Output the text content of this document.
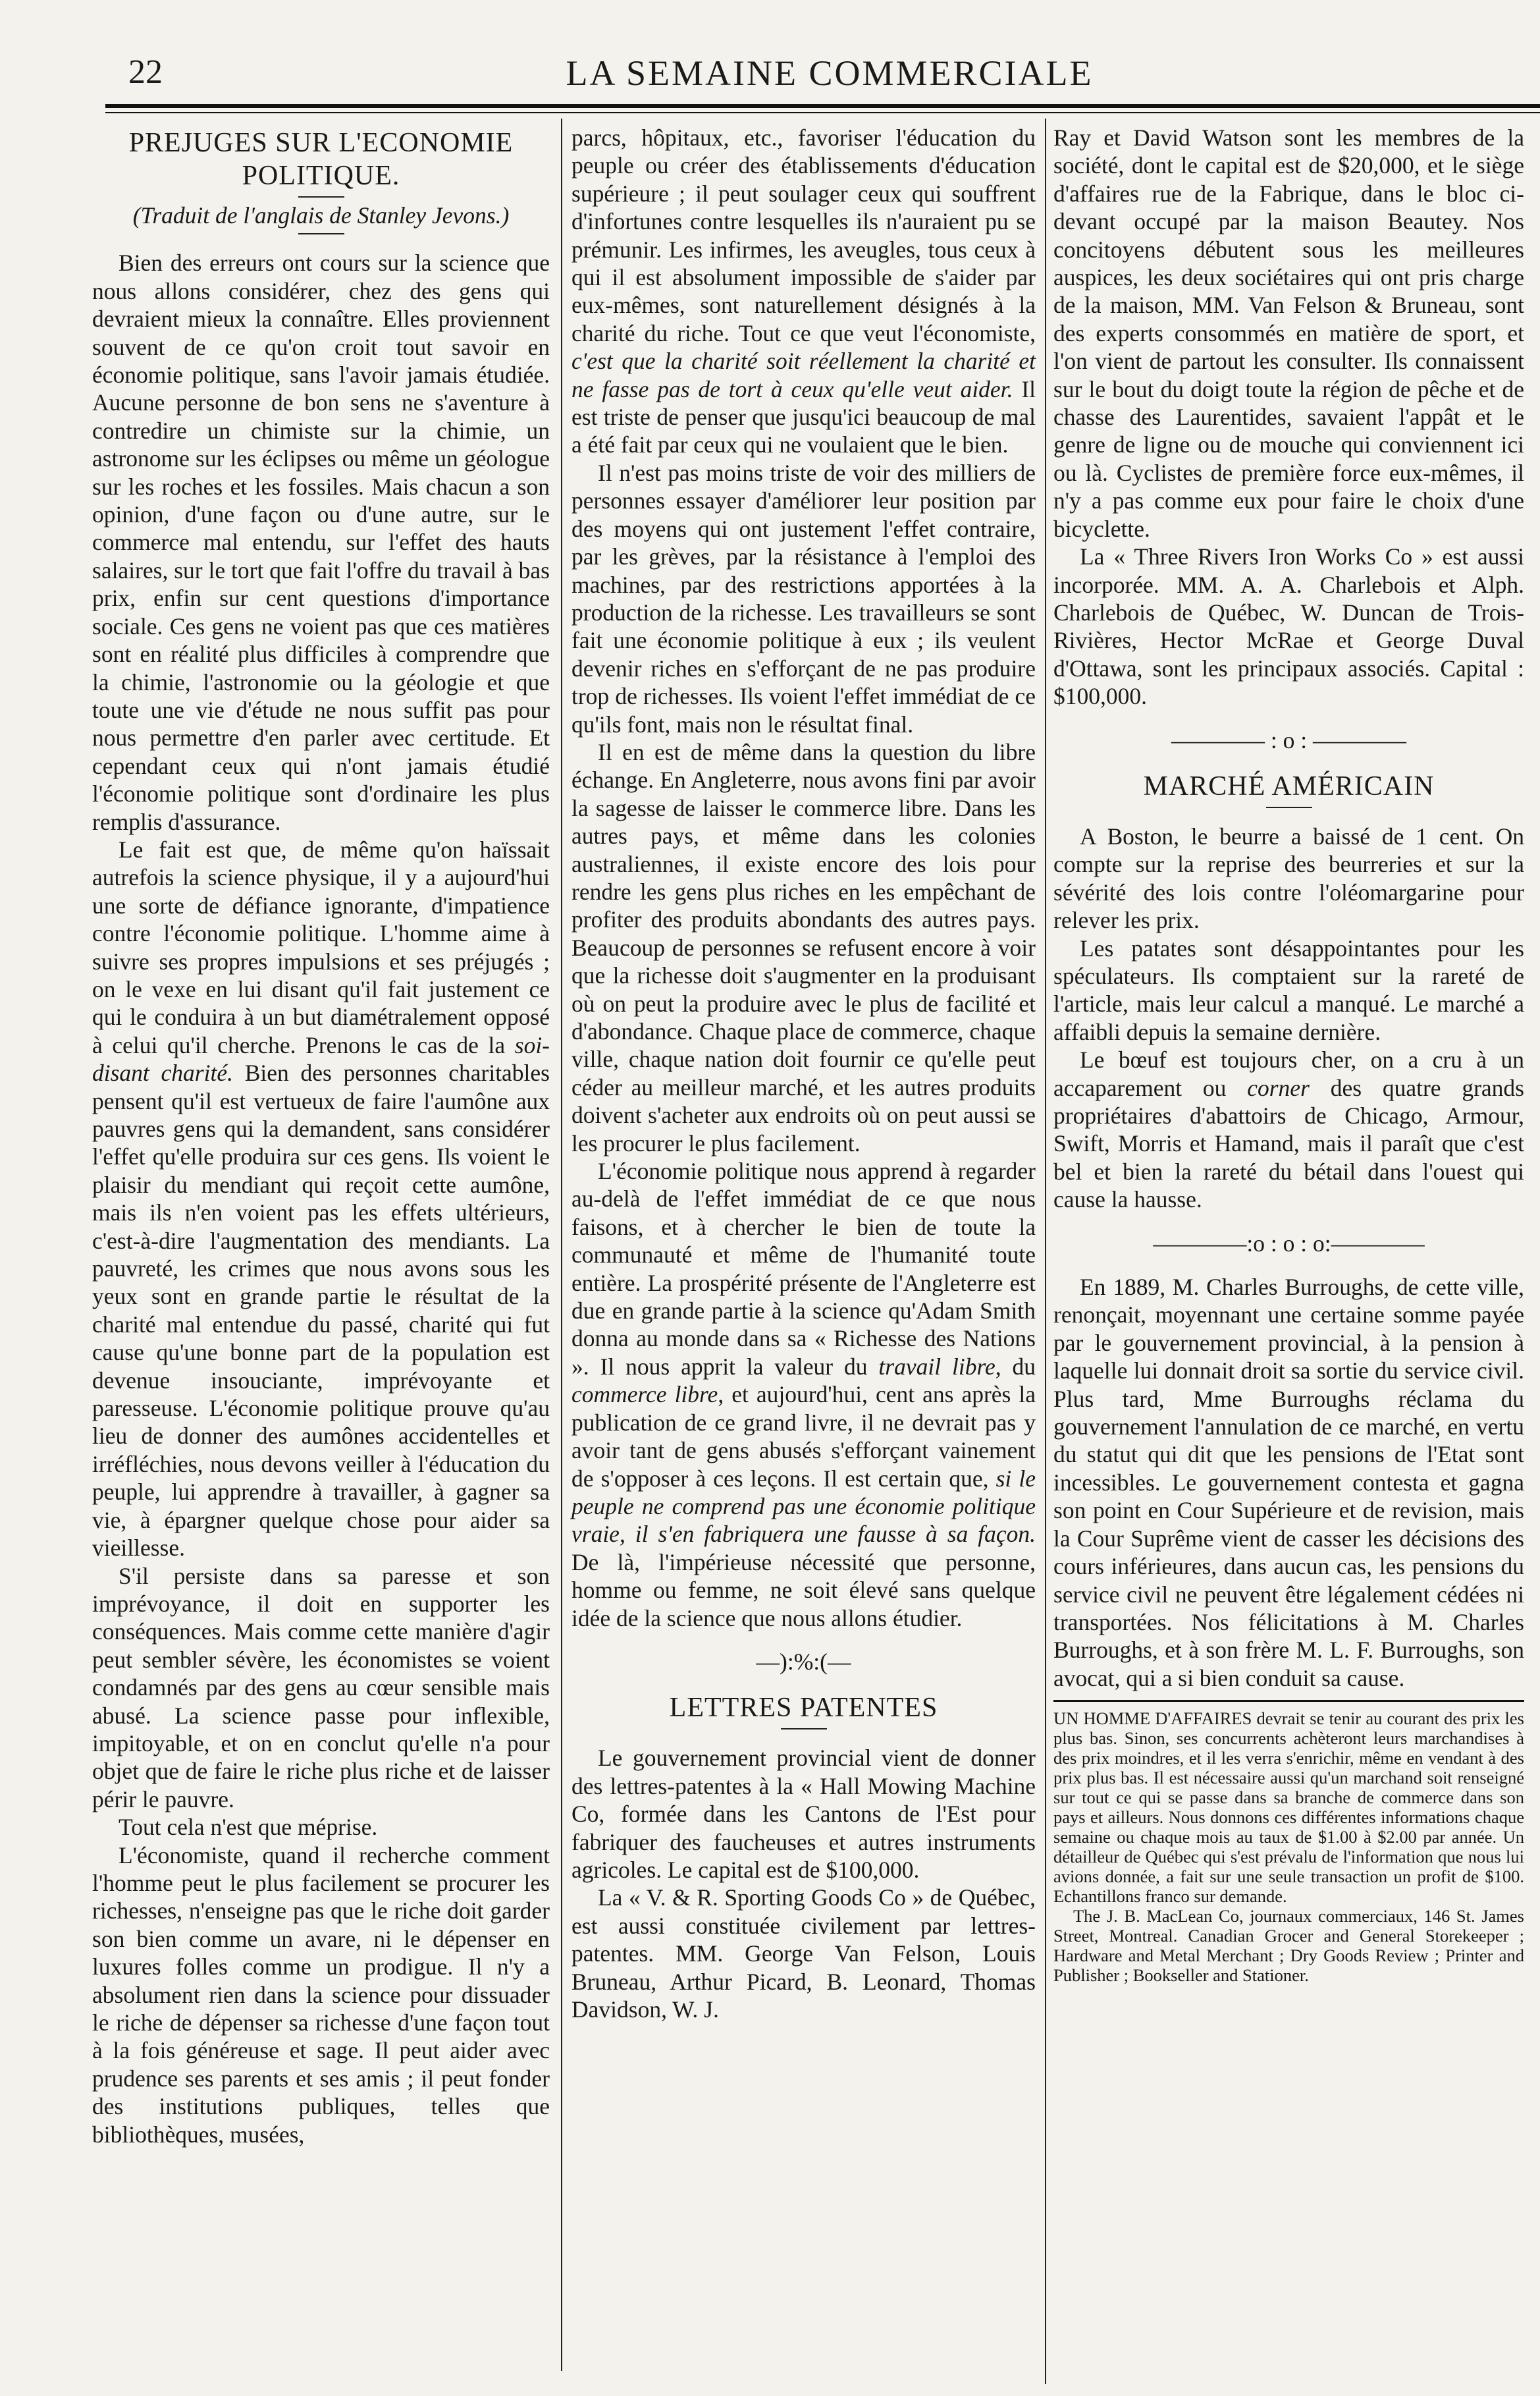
22	LA SEMAINE COMMERCIALE
PREJUGES SUR L'ECONOMIE POLITIQUE.
(Traduit de l'anglais de Stanley Jevons.)

Bien des erreurs ont cours sur la science que nous allons considérer, chez des gens qui devraient mieux la connaître. Elles proviennent souvent de ce qu'on croit tout savoir en économie politique, sans l'avoir jamais étudiée. Aucune personne de bon sens ne s'aventure à contredire un chimiste sur la chimie, un astronome sur les éclipses ou même un géologue sur les roches et les fossiles. Mais chacun a son opinion, d'une façon ou d'une autre, sur le commerce mal entendu, sur l'effet des hauts salaires, sur le tort que fait l'offre du travail à bas prix, enfin sur cent questions d'importance sociale. Ces gens ne voient pas que ces matières sont en réalité plus difficiles à comprendre que la chimie, l'astronomie ou la géologie et que toute une vie d'étude ne nous suffit pas pour nous permettre d'en parler avec certitude. Et cependant ceux qui n'ont jamais étudié l'économie politique sont d'ordinaire les plus remplis d'assurance.

Le fait est que, de même qu'on haïssait autrefois la science physique, il y a aujourd'hui une sorte de défiance ignorante, d'impatience contre l'économie politique. L'homme aime à suivre ses propres impulsions et ses préjugés ; on le vexe en lui disant qu'il fait justement ce qui le conduira à un but diamétralement opposé à celui qu'il cherche. Prenons le cas de la soi-disant charité. Bien des personnes charitables pensent qu'il est vertueux de faire l'aumône aux pauvres gens qui la demandent, sans considérer l'effet qu'elle produira sur ces gens. Ils voient le plaisir du mendiant qui reçoit cette aumône, mais ils n'en voient pas les effets ultérieurs, c'est-à-dire l'augmentation des mendiants. La pauvreté, les crimes que nous avons sous les yeux sont en grande partie le résultat de la charité mal entendue du passé, charité qui fut cause qu'une bonne part de la population est devenue insouciante, imprévoyante et paresseuse. L'économie politique prouve qu'au lieu de donner des aumônes accidentelles et irréfléchies, nous devons veiller à l'éducation du peuple, lui apprendre à travailler, à gagner sa vie, à épargner quelque chose pour aider sa vieillesse.

S'il persiste dans sa paresse et son imprévoyance, il doit en supporter les conséquences. Mais comme cette manière d'agir peut sembler sévère, les économistes se voient condamnés par des gens au cœur sensible mais abusé. La science passe pour inflexible, impitoyable, et on en conclut qu'elle n'a pour objet que de faire le riche plus riche et de laisser périr le pauvre.

Tout cela n'est que méprise.

L'économiste, quand il recherche comment l'homme peut le plus facilement se procurer les richesses, n'enseigne pas que le riche doit garder son bien comme un avare, ni le dépenser en luxures folles comme un prodigue. Il n'y a absolument rien dans la science pour dissuader le riche de dépenser sa richesse d'une façon tout à la fois généreuse et sage. Il peut aider avec prudence ses parents et ses amis ; il peut fonder des institutions publiques, telles que bibliothèques, musées,

parcs, hôpitaux, etc., favoriser l'éducation du peuple ou créer des établissements d'éducation supérieure ; il peut soulager ceux qui souffrent d'infortunes contre lesquelles ils n'auraient pu se prémunir. Les infirmes, les aveugles, tous ceux à qui il est absolument impossible de s'aider par eux-mêmes, sont naturellement désignés à la charité du riche. Tout ce que veut l'économiste, c'est que la charité soit réellement la charité et ne fasse pas de tort à ceux qu'elle veut aider. Il est triste de penser que jusqu'ici beaucoup de mal a été fait par ceux qui ne voulaient que le bien.

Il n'est pas moins triste de voir des milliers de personnes essayer d'améliorer leur position par des moyens qui ont justement l'effet contraire, par les grèves, par la résistance à l'emploi des machines, par des restrictions apportées à la production de la richesse. Les travailleurs se sont fait une économie politique à eux ; ils veulent devenir riches en s'efforçant de ne pas produire trop de richesses. Ils voient l'effet immédiat de ce qu'ils font, mais non le résultat final.

Il en est de même dans la question du libre échange. En Angleterre, nous avons fini par avoir la sagesse de laisser le commerce libre. Dans les autres pays, et même dans les colonies australiennes, il existe encore des lois pour rendre les gens plus riches en les empêchant de profiter des produits abondants des autres pays. Beaucoup de personnes se refusent encore à voir que la richesse doit s'augmenter en la produisant où on peut la produire avec le plus de facilité et d'abondance. Chaque place de commerce, chaque ville, chaque nation doit fournir ce qu'elle peut céder au meilleur marché, et les autres produits doivent s'acheter aux endroits où on peut aussi se les procurer le plus facilement.

L'économie politique nous apprend à regarder au-delà de l'effet immédiat de ce que nous faisons, et à chercher le bien de toute la communauté et même de l'humanité toute entière. La prospérité présente de l'Angleterre est due en grande partie à la science qu'Adam Smith donna au monde dans sa « Richesse des Nations ». Il nous apprit la valeur du travail libre, du commerce libre, et aujourd'hui, cent ans après la publication de ce grand livre, il ne devrait pas y avoir tant de gens abusés s'efforçant vainement de s'opposer à ces leçons. Il est certain que, si le peuple ne comprend pas une économie politique vraie, il s'en fabriquera une fausse à sa façon. De là, l'impérieuse nécessité que personne, homme ou femme, ne soit élevé sans quelque idée de la science que nous allons étudier.

—):%:(—
LETTRES PATENTES

Le gouvernement provincial vient de donner des lettres-patentes à la « Hall Mowing Machine Co, formée dans les Cantons de l'Est pour fabriquer des faucheuses et autres instruments agricoles. Le capital est de $100,000.

La « V. & R. Sporting Goods Co » de Québec, est aussi constituée civilement par lettres-patentes. MM. George Van Felson, Louis Bruneau, Arthur Picard, B. Leonard, Thomas Davidson, W. J.

Ray et David Watson sont les membres de la société, dont le capital est de $20,000, et le siège d'affaires rue de la Fabrique, dans le bloc ci-devant occupé par la maison Beautey. Nos concitoyens débutent sous les meilleures auspices, les deux sociétaires qui ont pris charge de la maison, MM. Van Felson & Bruneau, sont des experts consommés en matière de sport, et l'on vient de partout les consulter. Ils connaissent sur le bout du doigt toute la région de pêche et de chasse des Laurentides, savaient l'appât et le genre de ligne ou de mouche qui conviennent ici ou là. Cyclistes de première force eux-mêmes, il n'y a pas comme eux pour faire le choix d'une bicyclette.

La « Three Rivers Iron Works Co » est aussi incorporée. MM. A. A. Charlebois et Alph. Charlebois de Québec, W. Duncan de Trois-Rivières, Hector McRae et George Duval d'Ottawa, sont les principaux associés. Capital : $100,000.

———— : o : ————
MARCHÉ AMÉRICAIN

A Boston, le beurre a baissé de 1 cent. On compte sur la reprise des beurreries et sur la sévérité des lois contre l'oléomargarine pour relever les prix.

Les patates sont désappointantes pour les spéculateurs. Ils comptaient sur la rareté de l'article, mais leur calcul a manqué. Le marché a affaibli depuis la semaine dernière.

Le bœuf est toujours cher, on a cru à un accaparement ou corner des quatre grands propriétaires d'abattoirs de Chicago, Armour, Swift, Morris et Hamand, mais il paraît que c'est bel et bien la rareté du bétail dans l'ouest qui cause la hausse.

————:o : o : o:————

En 1889, M. Charles Burroughs, de cette ville, renonçait, moyennant une certaine somme payée par le gouvernement provincial, à la pension à laquelle lui donnait droit sa sortie du service civil. Plus tard, Mme Burroughs réclama du gouvernement l'annulation de ce marché, en vertu du statut qui dit que les pensions de l'Etat sont incessibles. Le gouvernement contesta et gagna son point en Cour Supérieure et de revision, mais la Cour Suprême vient de casser les décisions des cours inférieures, dans aucun cas, les pensions du service civil ne peuvent être légalement cédées ni transportées. Nos félicitations à M. Charles Burroughs, et à son frère M. L. F. Burroughs, son avocat, qui a si bien conduit sa cause.

UN HOMME D'AFFAIRES devrait se tenir au courant des prix les plus bas. Sinon, ses concurrents achèteront leurs marchandises à des prix moindres, et il les verra s'enrichir, même en vendant à des prix plus bas. Il est nécessaire aussi qu'un marchand soit renseigné sur tout ce qui se passe dans sa branche de commerce dans son pays et ailleurs. Nous donnons ces différentes informations chaque semaine ou chaque mois au taux de $1.00 à $2.00 par année. Un détailleur de Québec qui s'est prévalu de l'information que nous lui avions donnée, a fait sur une seule transaction un profit de $100. Echantillons franco sur demande.

The J. B. MacLean Co, journaux commerciaux, 146 St. James Street, Montreal. Canadian Grocer and General Storekeeper ; Hardware and Metal Merchant ; Dry Goods Review ; Printer and Publisher ; Bookseller and Stationer.
